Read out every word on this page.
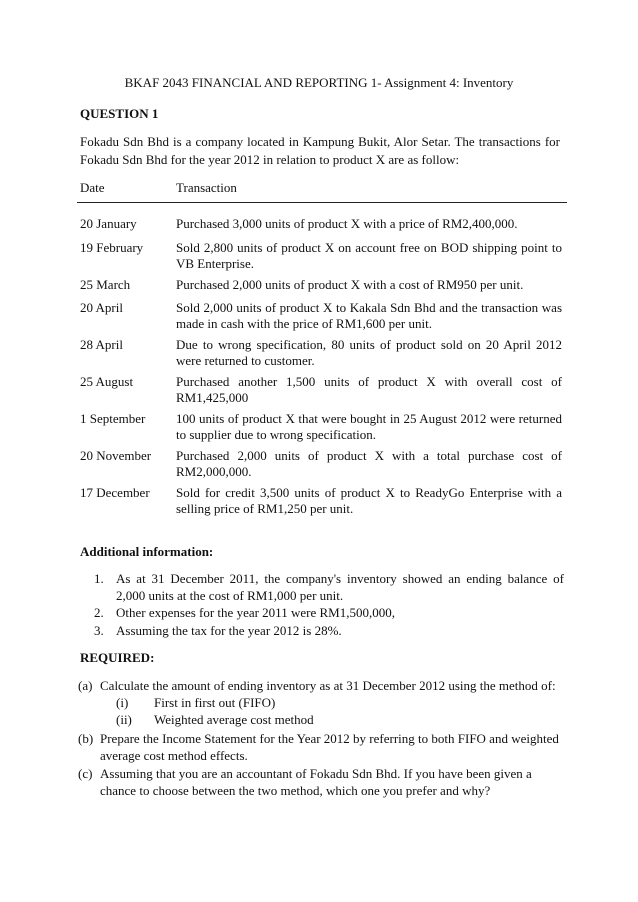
BKAF 2043 FINANCIAL AND REPORTING 1- Assignment 4: Inventory
QUESTION 1
Fokadu Sdn Bhd is a company located in Kampung Bukit, Alor Setar. The transactions for Fokadu Sdn Bhd for the year 2012 in relation to product X are as follow:
Date	Transaction
20 January	Purchased 3,000 units of product X with a price of RM2,400,000.
19 February	Sold 2,800 units of product X on account free on BOD shipping point to VB Enterprise.
25 March	Purchased 2,000 units of product X with a cost of RM950 per unit.
20 April	Sold 2,000 units of product X to Kakala Sdn Bhd and the transaction was made in cash with the price of RM1,600 per unit.
28 April	Due to wrong specification, 80 units of product sold on 20 April 2012 were returned to customer.
25 August	Purchased another 1,500 units of product X with overall cost of RM1,425,000
1 September	100 units of product X that were bought in 25 August 2012 were returned to supplier due to wrong specification.
20 November	Purchased 2,000 units of product X with a total purchase cost of RM2,000,000.
17 December	Sold for credit 3,500 units of product X to ReadyGo Enterprise with a selling price of RM1,250 per unit.
Additional information:
1. As at 31 December 2011, the company's inventory showed an ending balance of 2,000 units at the cost of RM1,000 per unit.
2. Other expenses for the year 2011 were RM1,500,000,
3. Assuming the tax for the year 2012 is 28%.
REQUIRED:
(a) Calculate the amount of ending inventory as at 31 December 2012 using the method of:
(i) First in first out (FIFO)
(ii) Weighted average cost method
(b) Prepare the Income Statement for the Year 2012 by referring to both FIFO and weighted average cost method effects.
(c) Assuming that you are an accountant of Fokadu Sdn Bhd. If you have been given a chance to choose between the two method, which one you prefer and why?
